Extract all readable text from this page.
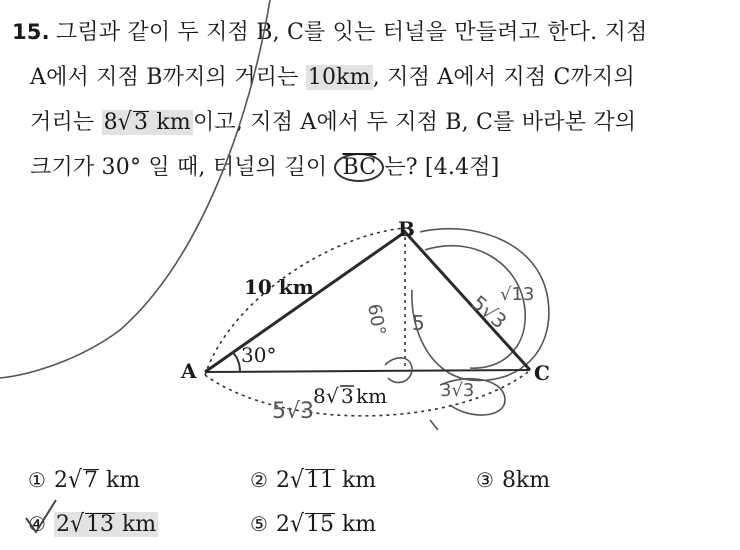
15. 그림과 같이 두 지점 B, C를 잇는 터널을 만들려고 한다. 지점
A에서 지점 B까지의 거리는 10km, 지점 A에서 지점 C까지의
거리는 8√3 km이고, 지점 A에서 두 지점 B, C를 바라본 각의
크기가 30° 일 때, 터널의 길이 $\overline{BC}$ 는? [4.4점]
B
A	C
10 km
30°
8 √ 3 km
60° 5
5√3
3√3
5√3
√13
① 2√7 km	② 2√11 km	③ 8km
④ 2√13 km	⑤ 2√15 km
